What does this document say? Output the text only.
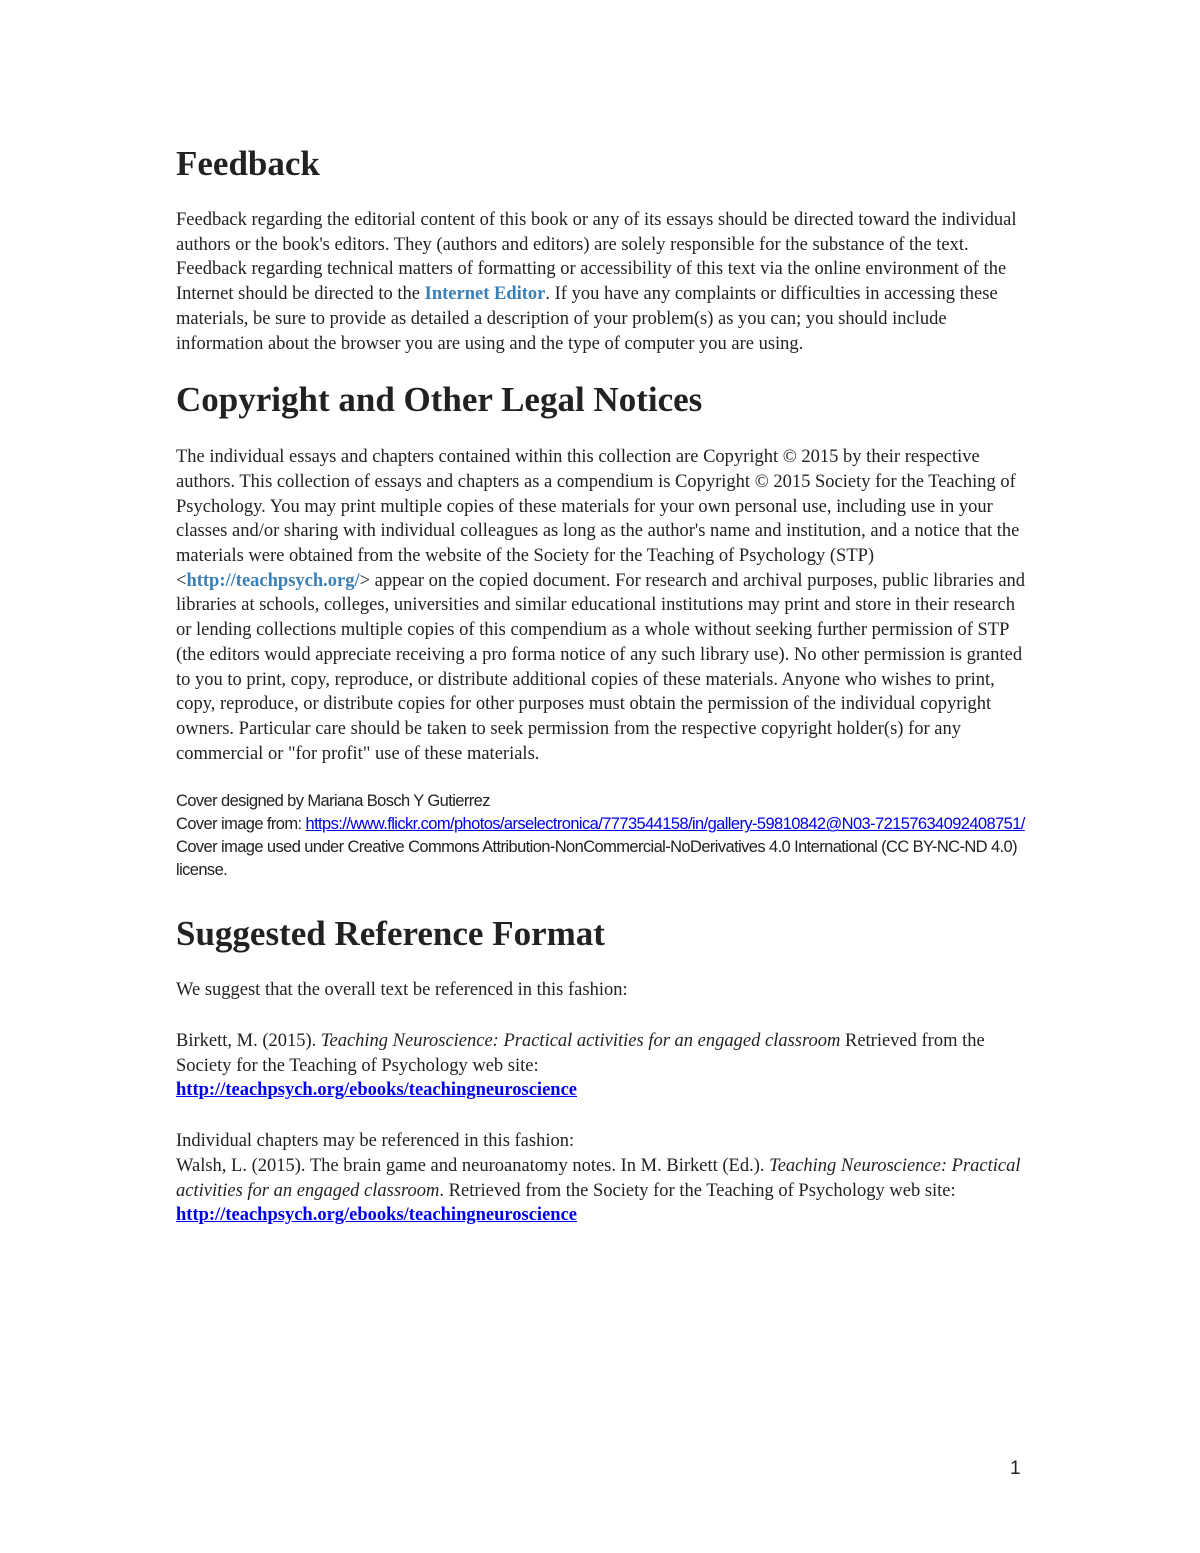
Feedback

Feedback regarding the editorial content of this book or any of its essays should be directed toward the individual authors or the book's editors. They (authors and editors) are solely responsible for the substance of the text. Feedback regarding technical matters of formatting or accessibility of this text via the online environment of the Internet should be directed to the Internet Editor. If you have any complaints or difficulties in accessing these materials, be sure to provide as detailed a description of your problem(s) as you can; you should include information about the browser you are using and the type of computer you are using.

Copyright and Other Legal Notices

The individual essays and chapters contained within this collection are Copyright © 2015 by their respective authors. This collection of essays and chapters as a compendium is Copyright © 2015 Society for the Teaching of Psychology. You may print multiple copies of these materials for your own personal use, including use in your classes and/or sharing with individual colleagues as long as the author's name and institution, and a notice that the materials were obtained from the website of the Society for the Teaching of Psychology (STP) <http://teachpsych.org/> appear on the copied document. For research and archival purposes, public libraries and libraries at schools, colleges, universities and similar educational institutions may print and store in their research or lending collections multiple copies of this compendium as a whole without seeking further permission of STP (the editors would appreciate receiving a pro forma notice of any such library use). No other permission is granted to you to print, copy, reproduce, or distribute additional copies of these materials. Anyone who wishes to print, copy, reproduce, or distribute copies for other purposes must obtain the permission of the individual copyright owners. Particular care should be taken to seek permission from the respective copyright holder(s) for any commercial or "for profit" use of these materials.

Cover designed by Mariana Bosch Y Gutierrez
Cover image from: https://www.flickr.com/photos/arselectronica/7773544158/in/gallery-59810842@N03-72157634092408751/
Cover image used under Creative Commons Attribution-NonCommercial-NoDerivatives 4.0 International (CC BY-NC-ND 4.0) license.
Suggested Reference Format

We suggest that the overall text be referenced in this fashion:

Birkett, M. (2015). Teaching Neuroscience: Practical activities for an engaged classroom Retrieved from the Society for the Teaching of Psychology web site:
http://teachpsych.org/ebooks/teachingneuroscience

Individual chapters may be referenced in this fashion:

Walsh, L. (2015). The brain game and neuroanatomy notes. In M. Birkett (Ed.). Teaching Neuroscience: Practical activities for an engaged classroom. Retrieved from the Society for the Teaching of Psychology web site: http://teachpsych.org/ebooks/teachingneuroscience

1
